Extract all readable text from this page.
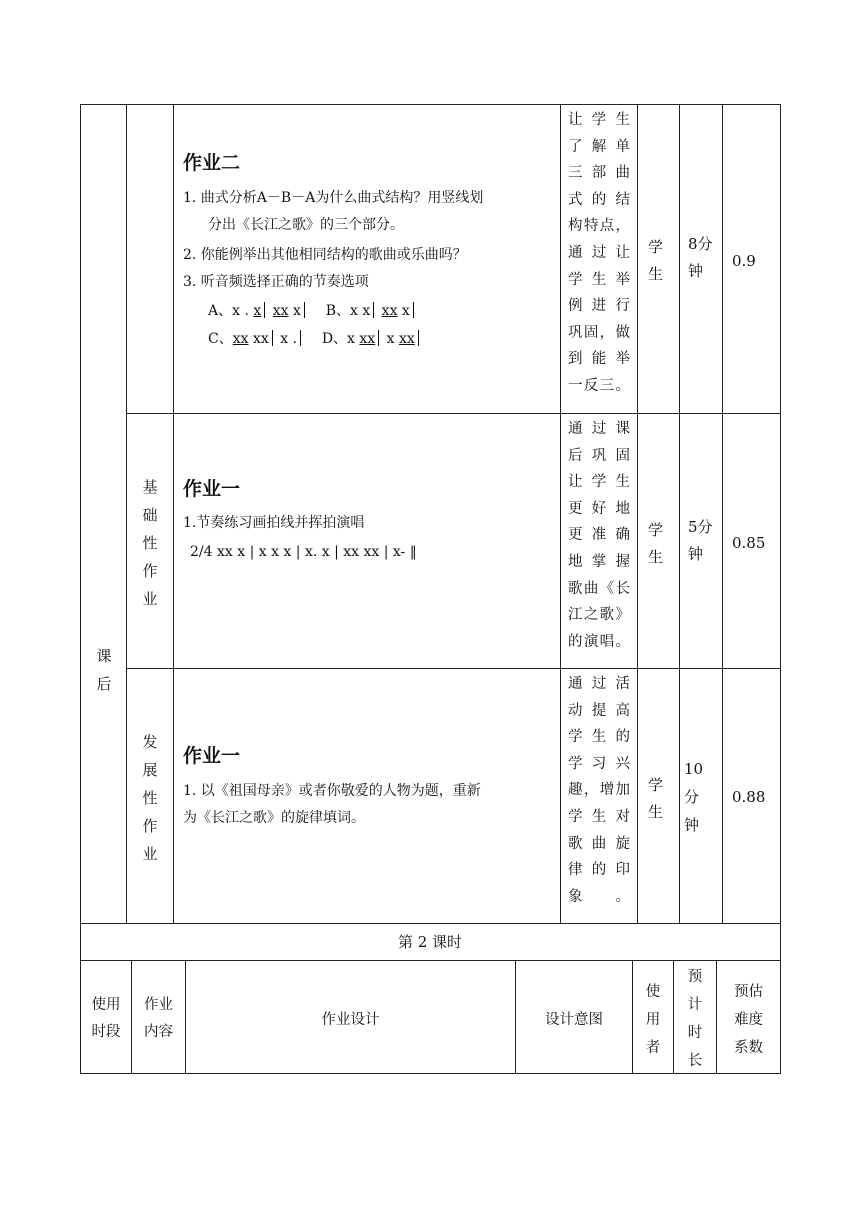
作业二
1. 曲式分析A－B－A为什么曲式结构？用竖线划
分出《长江之歌》的三个部分。
2. 你能例举出其他相同结构的歌曲或乐曲吗？
3. 听音频选择正确的节奏选项
A、x . x xx x B、x x xx x
C、xx xx x . D、x xx x xx
让 学 生
了 解 单
三 部 曲
式 的 结
构特点，
通 过 让
学 生 举
例 进 行
巩固，做
到 能 举
一反三。
学
生
8分
钟
0.9
课
后
基
础
性
作
业
作业一
1.节奏练习画拍线并挥拍演唱
2/4 xx x | x x x | x. x | xx xx | x- ‖
通 过 课
后 巩 固
让 学 生
更 好 地
更 准 确
地 掌 握
歌曲《长
江之歌》
的演唱。
学
生
5分
钟
0.85
发
展
性
作
业
作业一
1. 以《祖国母亲》或者你敬爱的人物为题，重新
为《长江之歌》的旋律填词。
通 过 活
动 提 高
学 生 的
学 习 兴
趣，增加
学 生 对
歌 曲 旋
律 的 印
象。
学
生
10
分
钟
0.88
第 2 课时
使用
时段
作业
内容
作业设计	设计意图
使
用
者
预
计
时
长
预估
难度
系数
